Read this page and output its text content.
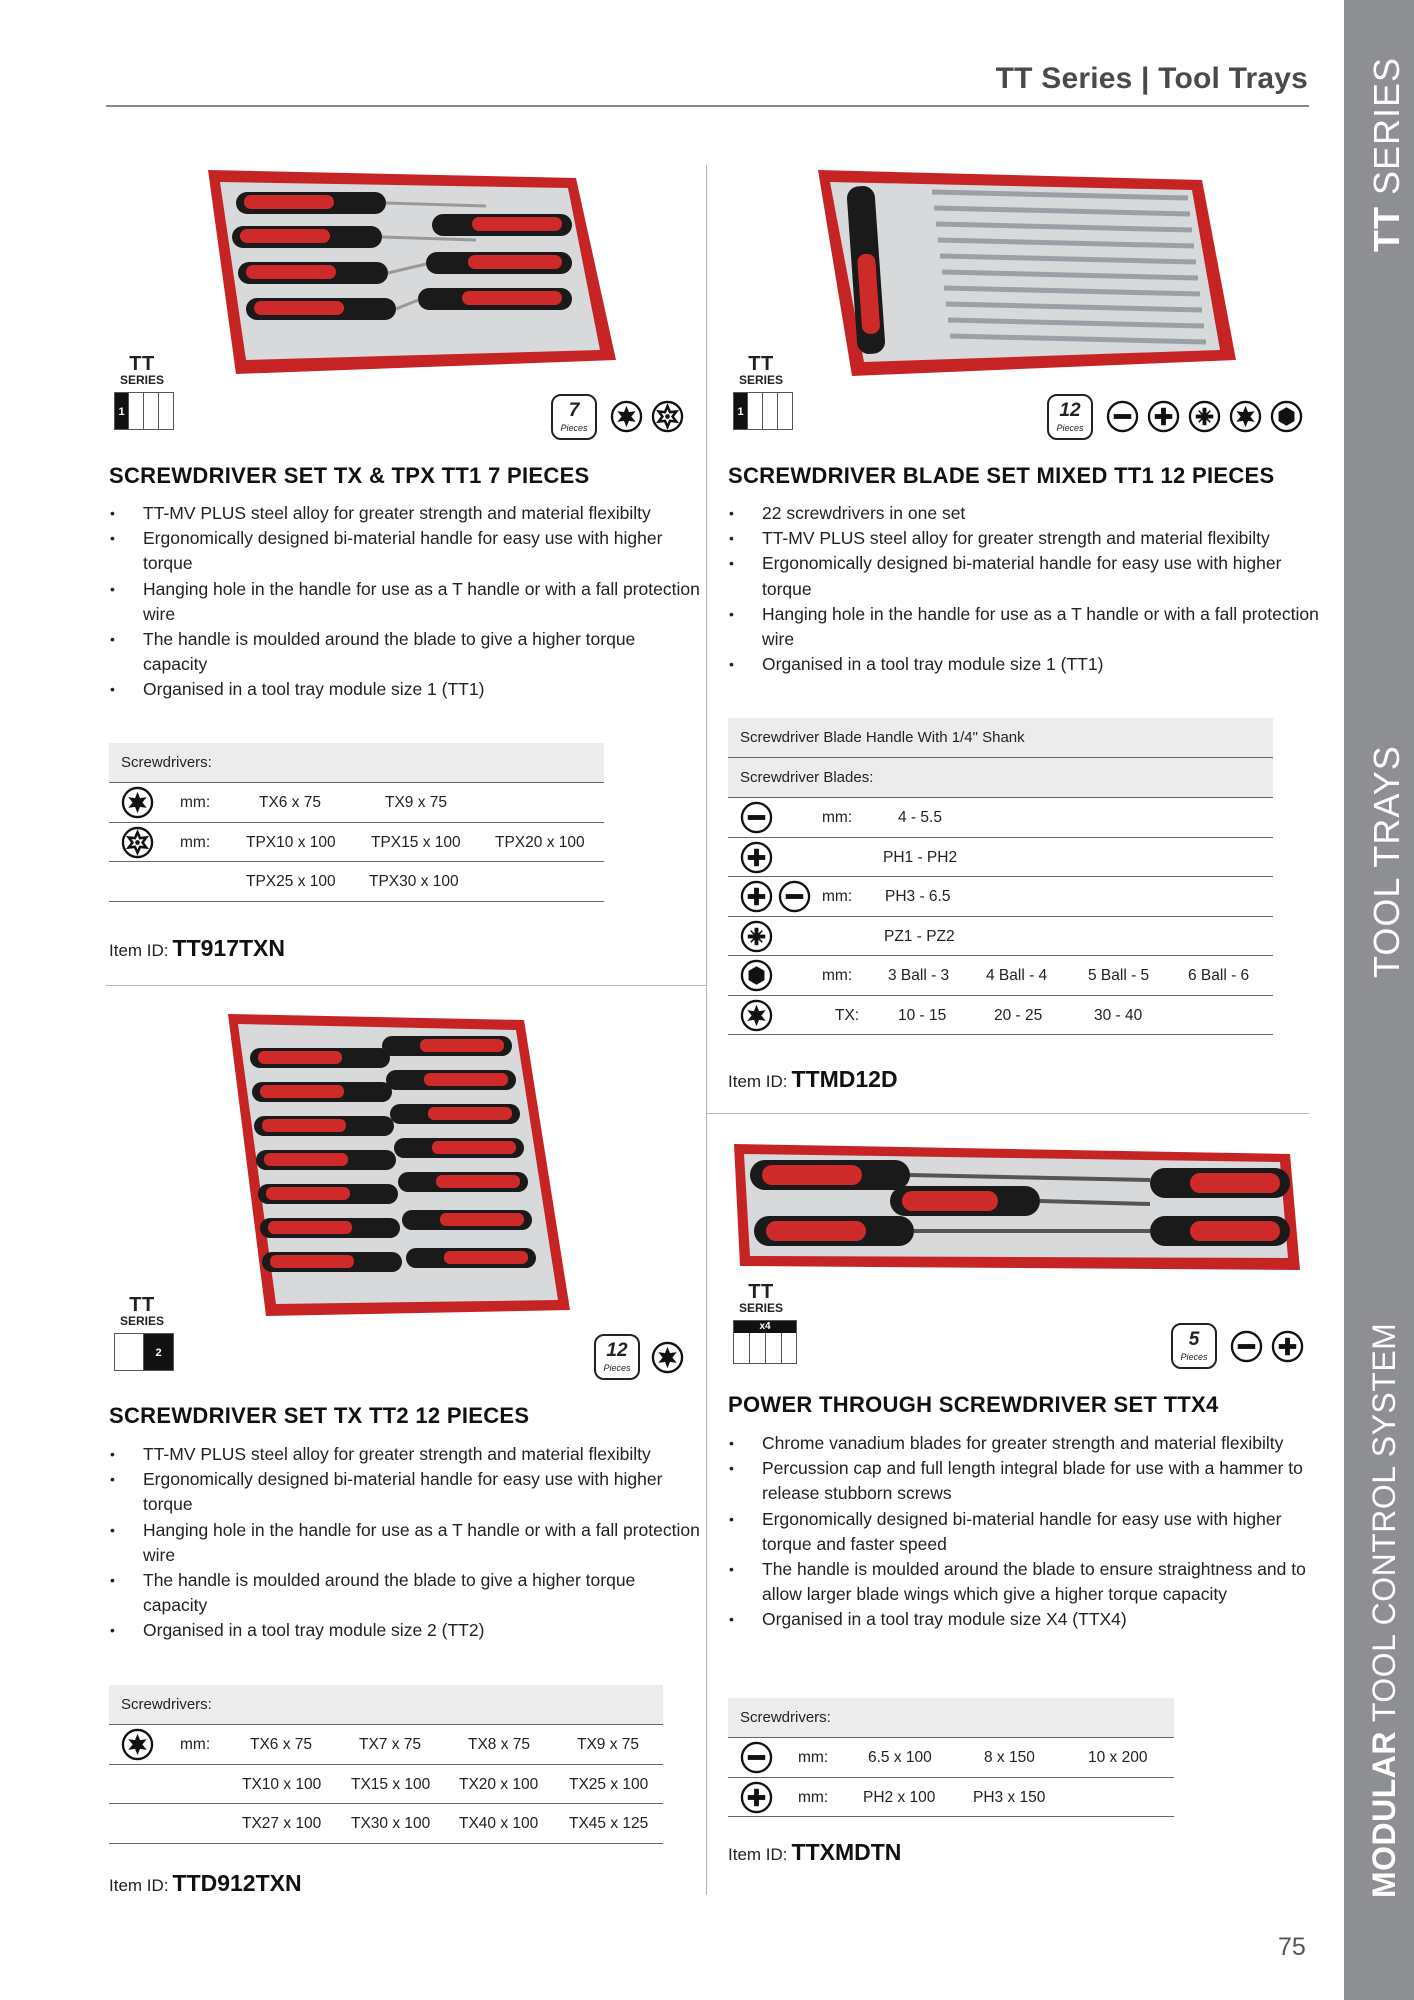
TT Series | Tool Trays
TT SERIES
TOOL TRAYS
MODULAR TOOL CONTROL SYSTEM
TT
SERIES
1	7
Pieces
SCREWDRIVER SET TX & TPX TT1 7 PIECES
• TT-MV PLUS steel alloy for greater strength and material flexibilty
• Ergonomically designed bi-material handle for easy use with higher torque
• Hanging hole in the handle for use as a T handle or with a fall protection wire
• The handle is moulded around the blade to give a higher torque capacity
• Organised in a tool tray module size 1 (TT1)
Screwdrivers:
mm:	TX6 x 75	TX9 x 75
mm: TPX10 x 100 TPX15 x 100 TPX20 x 100
TPX25 x 100 TPX30 x 100
Item ID: TT917TXN
TT
SERIES
1	12
Pieces
SCREWDRIVER BLADE SET MIXED TT1 12 PIECES
• 22 screwdrivers in one set
• TT-MV PLUS steel alloy for greater strength and material flexibilty
• Ergonomically designed bi-material handle for easy use with higher torque
• Hanging hole in the handle for use as a T handle or with a fall protection wire
• Organised in a tool tray module size 1 (TT1)
Screwdriver Blade Handle With 1/4" Shank
Screwdriver Blades:
mm:	4 - 5.5
PH1 - PH2
mm: PH3 - 6.5
PZ1 - PZ2
mm: 3 Ball - 3 4 Ball - 4	5 Ball - 5	6 Ball - 6
TX:	10 - 15	20 - 25	30 - 40
Item ID: TTMD12D
TT
SERIES
2	12
Pieces
SCREWDRIVER SET TX TT2 12 PIECES
• TT-MV PLUS steel alloy for greater strength and material flexibilty
• Ergonomically designed bi-material handle for easy use with higher torque
• Hanging hole in the handle for use as a T handle or with a fall protection wire
• The handle is moulded around the blade to give a higher torque capacity
• Organised in a tool tray module size 2 (TT2)
Screwdrivers:
mm:	TX6 x 75	TX7 x 75	TX8 x 75	TX9 x 75
TX10 x 100 TX15 x 100 TX20 x 100 TX25 x 100
TX27 x 100 TX30 x 100 TX40 x 100 TX45 x 125
Item ID: TTD912TXN
TT
SERIES
x4
5
Pieces
POWER THROUGH SCREWDRIVER SET TTX4
• Chrome vanadium blades for greater strength and material flexibilty
• Percussion cap and full length integral blade for use with a hammer to release stubborn screws
• Ergonomically designed bi-material handle for easy use with higher torque and faster speed
• The handle is moulded around the blade to ensure straightness and to allow larger blade wings which give a higher torque capacity
• Organised in a tool tray module size X4 (TTX4)
Screwdrivers:
mm:	6.5 x 100	8 x 150	10 x 200
mm: PH2 x 100 PH3 x 150
Item ID: TTXMDTN
75
